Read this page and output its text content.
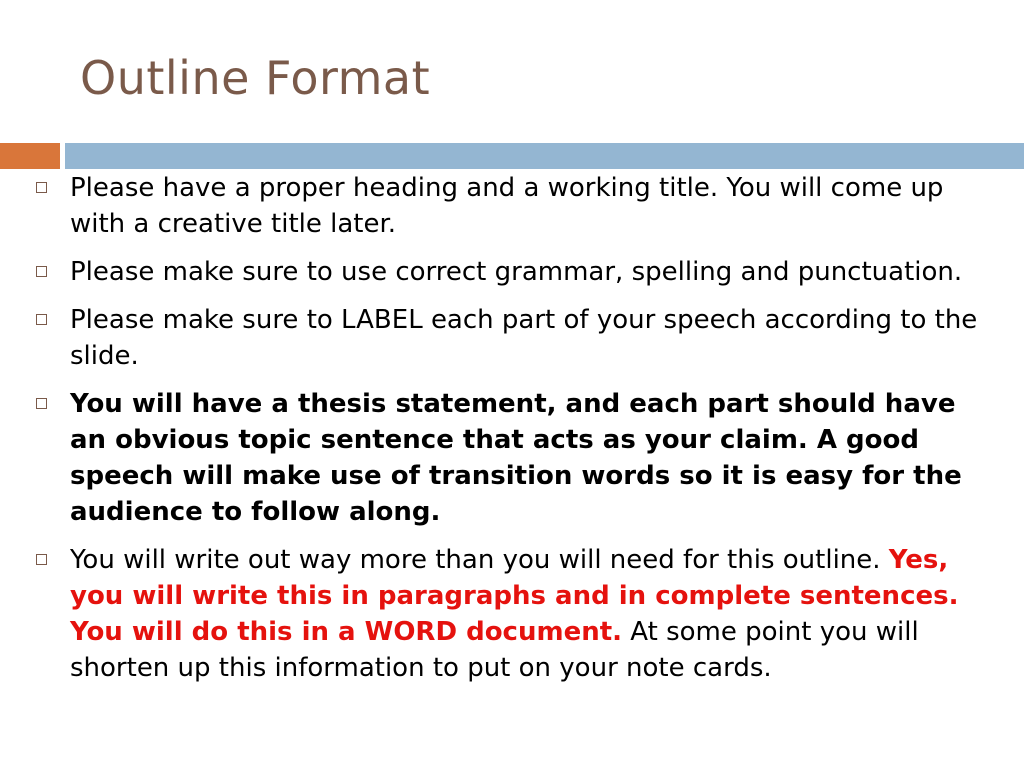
Outline Format
Please have a proper heading and a working title. You will come up with a creative title later.
Please make sure to use correct grammar, spelling and punctuation.
Please make sure to LABEL each part of your speech according to the slide.
You will have a thesis statement, and each part should have an obvious topic sentence that acts as your claim. A good speech will make use of transition words so it is easy for the audience to follow along.
You will write out way more than you will need for this outline. Yes, you will write this in paragraphs and in complete sentences. You will do this in a WORD document. At some point you will shorten up this information to put on your note cards.
